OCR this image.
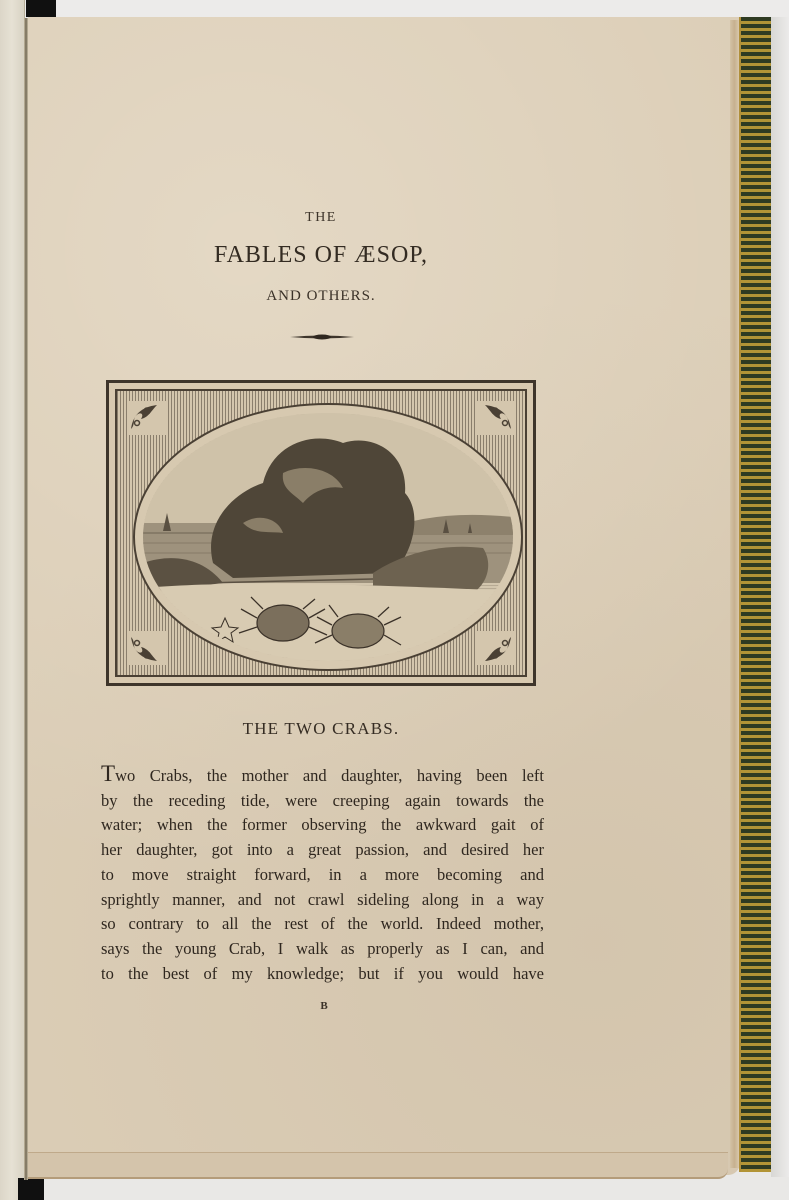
THE
FABLES OF ÆSOP,
AND OTHERS.
THE TWO CRABS.
Two Crabs, the mother and daughter, having been left
by the receding tide, were creeping again towards the
water; when the former observing the awkward gait of
her daughter, got into a great passion, and desired her
to move straight forward, in a more becoming and
sprightly manner, and not crawl sideling along in a way
so contrary to all the rest of the world. Indeed mother,
says the young Crab, I walk as properly as I can, and
to the best of my knowledge; but if you would have
B
